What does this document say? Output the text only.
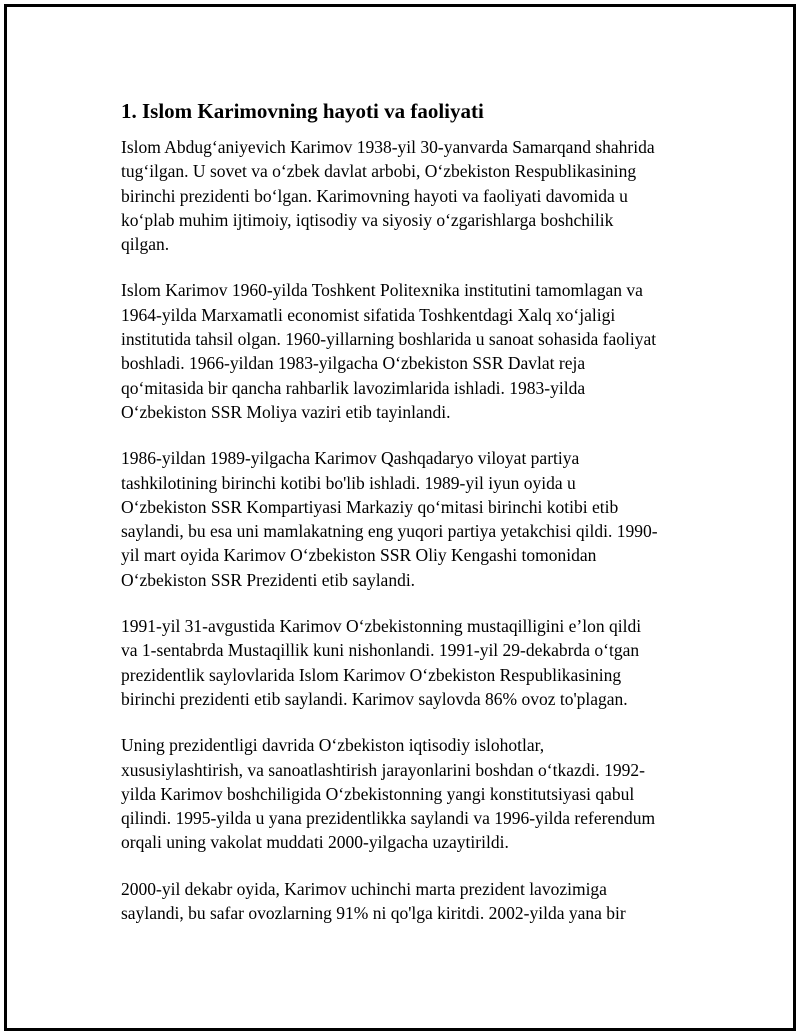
1. Islom Karimovning hayoti va faoliyati

Islom Abdugʻaniyevich Karimov 1938-yil 30-yanvarda Samarqand shahrida
tugʻilgan. U sovet va oʻzbek davlat arbobi, Oʻzbekiston Respublikasining
birinchi prezidenti boʻlgan. Karimovning hayoti va faoliyati davomida u
koʻplab muhim ijtimoiy, iqtisodiy va siyosiy oʻzgarishlarga boshchilik
qilgan.

Islom Karimov 1960-yilda Toshkent Politexnika institutini tamomlagan va
1964-yilda Marxamatli economist sifatida Toshkentdagi Xalq xoʻjaligi
institutida tahsil olgan. 1960-yillarning boshlarida u sanoat sohasida faoliyat
boshladi. 1966-yildan 1983-yilgacha Oʻzbekiston SSR Davlat reja
qoʻmitasida bir qancha rahbarlik lavozimlarida ishladi. 1983-yilda
Oʻzbekiston SSR Moliya vaziri etib tayinlandi.

1986-yildan 1989-yilgacha Karimov Qashqadaryo viloyat partiya
tashkilotining birinchi kotibi bo'lib ishladi. 1989-yil iyun oyida u
Oʻzbekiston SSR Kompartiyasi Markaziy qoʻmitasi birinchi kotibi etib
saylandi, bu esa uni mamlakatning eng yuqori partiya yetakchisi qildi. 1990-
yil mart oyida Karimov Oʻzbekiston SSR Oliy Kengashi tomonidan
Oʻzbekiston SSR Prezidenti etib saylandi.

1991-yil 31-avgustida Karimov Oʻzbekistonning mustaqilligini eʼlon qildi
va 1-sentabrda Mustaqillik kuni nishonlandi. 1991-yil 29-dekabrda oʻtgan
prezidentlik saylovlarida Islom Karimov Oʻzbekiston Respublikasining
birinchi prezidenti etib saylandi. Karimov saylovda 86% ovoz to'plagan.

Uning prezidentligi davrida Oʻzbekiston iqtisodiy islohotlar,
xususiylashtirish, va sanoatlashtirish jarayonlarini boshdan oʻtkazdi. 1992-
yilda Karimov boshchiligida Oʻzbekistonning yangi konstitutsiyasi qabul
qilindi. 1995-yilda u yana prezidentlikka saylandi va 1996-yilda referendum
orqali uning vakolat muddati 2000-yilgacha uzaytirildi.

2000-yil dekabr oyida, Karimov uchinchi marta prezident lavozimiga
saylandi, bu safar ovozlarning 91% ni qo'lga kiritdi. 2002-yilda yana bir
